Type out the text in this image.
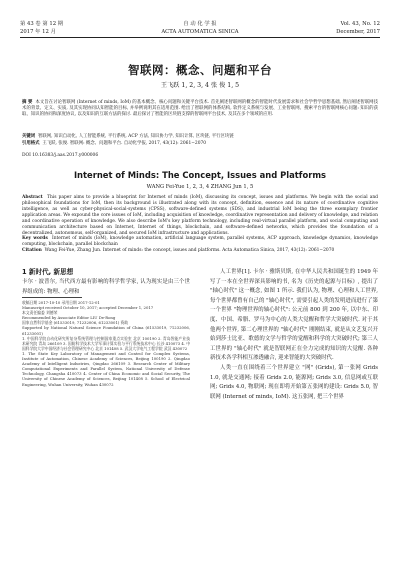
第 43 卷 第 12 期	自 动 化 学 报	Vol. 43, No. 12
2017 年 12 月	ACTA AUTOMATICA SINICA	December, 2017
智联网：概念、问题和平台
王飞跃 1, 2, 3, 4 张 俊 1, 5
摘 要 本文旨在讨论智联网 (Internet of minds, IoM) 的基本概念、核心问题和关键平台技术. 首先阐述智联网的概念的智能时代发展需求和社会学哲学思想基础, 然后阐述智联网技术的背景、定义、实质, 及其实现协同认知智能的目标, 并举例说明其在适用范围. 给出了智联网的体系结构, 软件定义系统与发展、工业智联网、搜索平台的智联网核心问题: 知识的获取、知识的协同和深度协议, 以及知识的互联方法的探讨. 最后探讨了智能的区块链支撑的智联网平台技术, 及其在多个领域的应用.
关键词 智联网, 知识自动化, 人工智能系统, 平行系统, ACP 方法, 知识协力学, 知识计算, 区块链, 平行区块链
引用格式 王飞跃, 张俊. 智联网: 概念、问题和平台. 自动化学报, 2017, 43(12): 2061−2070
DOI 10.16383/j.aas.2017.y000006
Internet of Minds: The Concept, Issues and Platforms
WANG Fei-Yue 1, 2, 3, 4 ZHANG Jun 1, 5
Abstract This paper aims to provide a blueprint for Internet of minds (IoM), discussing its concept, issues and platforms. We begin with the social and philosophical foundations for IoM, then its background is illustrated along with its concept, definition, essence and its nature of coordinative cognitive intelligence, as well as cyber-physical-social-systems (CPSS), software-defined systems (SDS), and industrial IoM being the three exemplary frontier application areas. We expound the core issues of IoM, including acquisition of knowledge, coordinative representation and delivery of knowledge, and relation and coordinative operation of knowledge. We also describe IoM's key platform technology, including real-virtual parallel platform, and social computing and communication architecture based on Internet, Internet of things, blockchain, and software-defined networks, which provides the foundation of a decentralized, autonomous, self-organized, and secured IoM infrastructure and applications.
Key words Internet of minds (IoM), knowledge automation, artificial language system, parallel systems, ACP approach, knowledge dynamics, knowledge computing, blockchain, parallel blockchain
Citation Wang Fei-Yue, Zhang Jun. Internet of minds: the concept, issues and platforms. Acta Automatica Sinica, 2017, 43(12): 2061−2070
1 新时代, 新思想
卡尔 · 波普尔, 当代西方最有影响的科学哲学家, 认为现实是由三个世界组成的: 物理、心理和
人工世界[1]. 卡尔 · 雅斯贝斯, 在中华人民共和国诞生的 1949 年写了一本在全世界深具影响的书, 名为《历史的起源与目标》, 提出了 "轴心时代" 这一概念, 如图 1 所示. 我们认为, 物理、心理和人工世界, 每个世界都曾有自己的 "轴心时代", 需要引起人类的发明进而进行了第一个世界 "物理世界的轴心时代": 公元前 800 到 200 年, 以中东、印度、中国、希腊、罗马为中心的人类大觉醒和哲学大突破时代. 对于其他两个世界, 第二心理世界的 "轴心时代" 刚刚结束, 就是从文艺复兴开始到莎士比亚、歌德的文学与哲学的觉醒和科学的大突破时代; 第三人工世界的 "轴心时代" 就是智联网正在全力完成的知识的大觉醒. 各种新技术各学科相互渗透融合, 迎来智能的大突破时代.
人类一直在围绕着三个世界建立 "网" (Grids), 第一张网 Grids 1.0, 就是交通网; 接着 Grids 2.0, 能源网; Grids 3.0, 信息网或互联网; Grids 4.0, 物联网; 现在即将开始第五张网的建设: Grids 5.0, 智联网 (Internet of minds, IoM). 这五张网, 把三个世界
收稿日期 2017-10-10 录用日期 2017-12-01
Manuscript received October 10, 2017; accepted December 1, 2017
本文责任编委 刘德荣
Recommended by Associate Editor LIU De-Rong
国家自然科学基金 (61533019, 71232006, 61233001) 资助
Supported by National Natural Science Foundation of China (61533019, 71232006, 61233001)
1. 中国科学院自动化研究所复杂系统管理与控制国家重点实验室 北京 100190 2. 青岛智能产业技术研究院 青岛 266109 3. 国防科学技术大学军事计算实验与平行系统技术中心 长沙 410073 4. 中国科学院大学中国经济与社会管理研究中心 北京 101408 5. 武汉大学电气工程学院 武汉 430072
1. The State Key Laboratory of Management and Control for Complex Systems, Institute of Automation, Chinese Academy of Sciences, Beijing 100190 2. Qingdao Academy of Intelligent Industries, Qingdao 266109 3. Research Center of Military Computational Experiments and Parallel System, National University of Defense Technology, Changsha 410073 4. Center of China Economic and Social Security, The University of Chinese Academy of Sciences, Beijing 101408 5. School of Electrical Engineering, Wuhan University, Wuhan 430072
